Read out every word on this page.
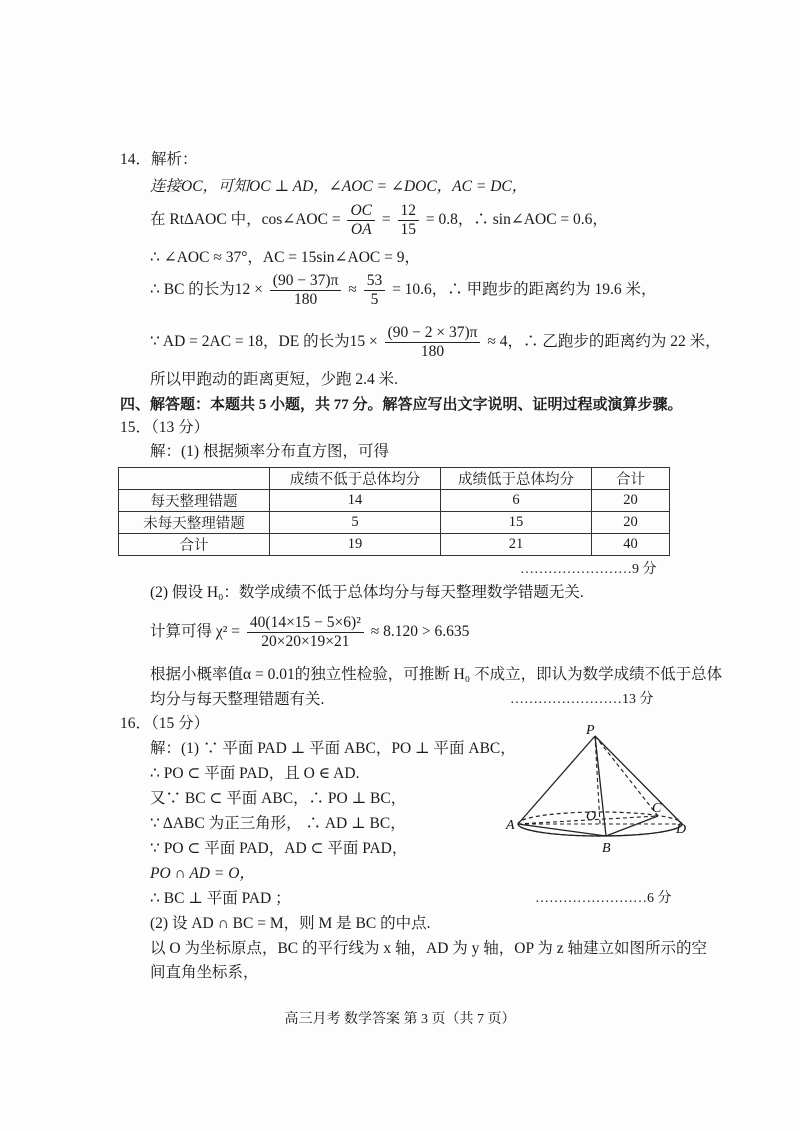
14．解析：
连接OC，可知OC ⊥ AD，∠AOC = ∠DOC，AC = DC，
在 RtΔAOC 中，cos∠AOC = $\frac{OC}{OA} = \frac{12}{15} = 0.8$，∴ sin∠AOC = 0.6，
∴ ∠AOC ≈ 37°，AC = 15sin∠AOC = 9，
∴ BC 的长为$12 \times \frac{(90 - 37)\pi}{180} \approx \frac{53}{5} = 10.6$，∴ 甲跑步的距离约为 19.6 米，
∵ AD = 2AC = 18，DE 的长为$15 \times \frac{(90 - 2 \times 37)\pi}{180} \approx 4$，∴ 乙跑步的距离约为 22 米，
所以甲跑动的距离更短，少跑 2.4 米.
四、解答题：本题共 5 小题，共 77 分。解答应写出文字说明、证明过程或演算步骤。
15．（13 分）
解：(1) 根据频率分布直方图，可得
	成绩不低于总体均分	成绩低于总体均分	合计
每天整理错题	14	6	20
未每天整理错题	5	15	20
合计	19	21	40
……………………9 分
(2) 假设 H₀：数学成绩不低于总体均分与每天整理数学错题无关.
计算可得 $\chi^2 = \frac{\text{40(14×15 − 5×6)²}}{20\times 20\times 19\times 21} \approx 8.120 > 6.635$
根据小概率值α = 0.01的独立性检验，可推断 H₀ 不成立，即认为数学成绩不低于总体
均分与每天整理错题有关.	……………………13 分
16．（15 分）
解：(1) ∵ 平面 PAD ⊥ 平面 ABC，PO ⊥ 平面 ABC，
∴ PO ⊂ 平面 PAD，且 O ∈ AD.
又∵ BC ⊂ 平面 ABC，∴ PO ⊥ BC，
∵ ΔABC 为正三角形， ∴ AD ⊥ BC，
∵ PO ⊂ 平面 PAD，AD ⊂ 平面 PAD，
PO ∩ AD = O，
∴ BC ⊥ 平面 PAD ；	……………………6 分
(2) 设 AD ∩ BC = M，则 M 是 BC 的中点.
以 O 为坐标原点，BC 的平行线为 x 轴，AD 为 y 轴，OP 为 z 轴建立如图所示的空
间直角坐标系，
P
A
O
B
C
D
高三月考 数学答案 第 3 页（共 7 页）
